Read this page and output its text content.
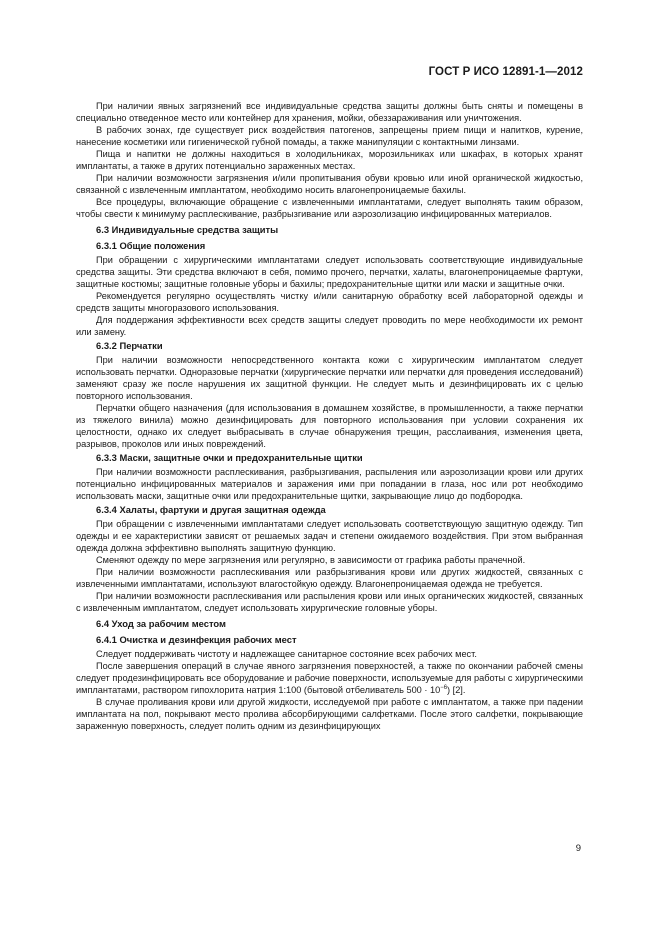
ГОСТ Р ИСО 12891-1—2012

При наличии явных загрязнений все индивидуальные средства защиты должны быть сняты и помещены в специально отведенное место или контейнер для хранения, мойки, обеззараживания или уничтожения.

В рабочих зонах, где существует риск воздействия патогенов, запрещены прием пищи и напитков, курение, нанесение косметики или гигиенической губной помады, а также манипуляции с контактными линзами.

Пища и напитки не должны находиться в холодильниках, морозильниках или шкафах, в которых хранят имплантаты, а также в других потенциально зараженных местах.

При наличии возможности загрязнения и/или пропитывания обуви кровью или иной органической жидкостью, связанной с извлеченным имплантатом, необходимо носить влагонепроницаемые бахилы.

Все процедуры, включающие обращение с извлеченными имплантатами, следует выполнять таким образом, чтобы свести к минимуму расплескивание, разбрызгивание или аэрозолизацию инфицированных материалов.

6.3 Индивидуальные средства защиты
6.3.1 Общие положения

При обращении с хирургическими имплантатами следует использовать соответствующие индивидуальные средства защиты. Эти средства включают в себя, помимо прочего, перчатки, халаты, влагонепроницаемые фартуки, защитные костюмы; защитные головные уборы и бахилы; предохранительные щитки или маски и защитные очки.

Рекомендуется регулярно осуществлять чистку и/или санитарную обработку всей лабораторной одежды и средств защиты многоразового использования.

Для поддержания эффективности всех средств защиты следует проводить по мере необходимости их ремонт или замену.

6.3.2 Перчатки

При наличии возможности непосредственного контакта кожи с хирургическим имплантатом следует использовать перчатки. Одноразовые перчатки (хирургические перчатки или перчатки для проведения исследований) заменяют сразу же после нарушения их защитной функции. Не следует мыть и дезинфицировать их с целью повторного использования.

Перчатки общего назначения (для использования в домашнем хозяйстве, в промышленности, а также перчатки из тяжелого винила) можно дезинфицировать для повторного использования при условии сохранения их целостности, однако их следует выбрасывать в случае обнаружения трещин, расслаивания, изменения цвета, разрывов, проколов или иных повреждений.

6.3.3 Маски, защитные очки и предохранительные щитки

При наличии возможности расплескивания, разбрызгивания, распыления или аэрозолизации крови или других потенциально инфицированных материалов и заражения ими при попадании в глаза, нос или рот необходимо использовать маски, защитные очки или предохранительные щитки, закрывающие лицо до подбородка.

6.3.4 Халаты, фартуки и другая защитная одежда

При обращении с извлеченными имплантатами следует использовать соответствующую защитную одежду. Тип одежды и ее характеристики зависят от решаемых задач и степени ожидаемого воздействия. При этом выбранная одежда должна эффективно выполнять защитную функцию.

Сменяют одежду по мере загрязнения или регулярно, в зависимости от графика работы прачечной.

При наличии возможности расплескивания или разбрызгивания крови или других жидкостей, связанных с извлеченными имплантатами, используют влагостойкую одежду. Влагонепроницаемая одежда не требуется.

При наличии возможности расплескивания или распыления крови или иных органических жидкостей, связанных с извлеченным имплантатом, следует использовать хирургические головные уборы.

6.4 Уход за рабочим местом
6.4.1 Очистка и дезинфекция рабочих мест

Следует поддерживать чистоту и надлежащее санитарное состояние всех рабочих мест.

После завершения операций в случае явного загрязнения поверхностей, а также по окончании рабочей смены следует продезинфицировать все оборудование и рабочие поверхности, используемые для работы с хирургическими имплантатами, раствором гипохлорита натрия 1:100 (бытовой отбеливатель $500 \cdot 10^{-6}$) [2].

В случае проливания крови или другой жидкости, исследуемой при работе с имплантатом, а также при падении имплантата на пол, покрывают место пролива абсорбирующими салфетками. После этого салфетки, покрывающие зараженную поверхность, следует полить одним из дезинфицирующих

9
